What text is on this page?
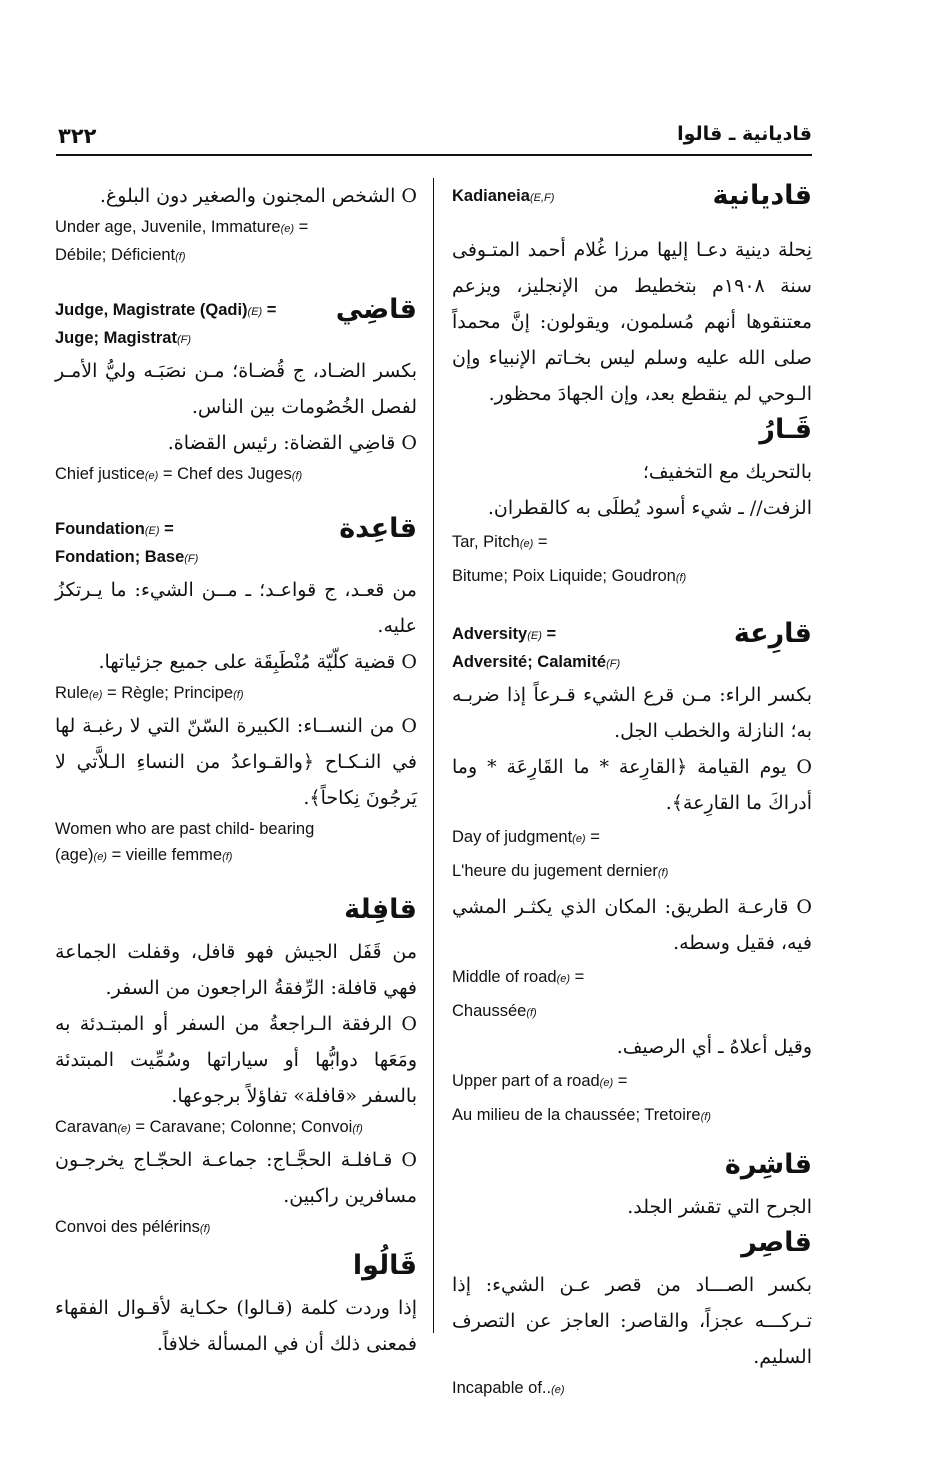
٣٢٢	قاديانية ـ قالوا
قاديانية
Kadianeia(E,F)
نِحلة دينية دعـا إليها مرزا غُلام أحمد المتـوفى سنة ١٩٠٨م بتخطيط من الإنجليز، ويزعم معتنقوها أنهم مُسلمون، ويقولون: إنَّ محمداً صلى الله عليه وسلم ليس بخـاتم الإنبياء وإن الـوحي لم ينقطع بعد، وإن الجهادَ محظور.
قَـارُ
بالتحريك مع التخفيف؛
الزفت// ـ شيء أسود يُطلَى به كالقطران.
Tar, Pitch(e) =
Bitume; Poix Liquide; Goudron(f)
قارِعة
Adversity(E) =
Adversité; Calamité(F)
بكسر الراء: مـن قرع الشيء قـرعاً إذا ضربـه به؛ النازلة والخطب الجل.
O يوم القيامة ﴿القارِعة * ما القَارِعَة * وما أدراكَ ما القارِعة﴾.
Day of judgment(e) =
L'heure du jugement dernier(f)
O قارعـة الطريق: المكان الذي يكثـر المشي فيه، فقيل وسطه.
Middle of road(e) =
Chaussée(f)
وقيل أعلاهُ ـ أي الرصيف.
Upper part of a road(e) =
Au milieu de la chaussée; Tretoire(f)
قاشِرة
الجرح التي تقشر الجلد.
قاصِر
بكسر الصـــاد من قصر عـن الشيء: إذا تـركـــه عجزاً، والقاصر: العاجز عن التصرف السليم.
Incapable of..(e)
O الشخص المجنون والصغير دون البلوغ.
Under age, Juvenile, Immature(e) =
Débile; Déficient(f)
قاضِي
Judge, Magistrate (Qadi)(E) =
Juge; Magistrat(F)
بكسر الضـاد، ج قُضـاة؛ مـن نصَبَـه وليُّ الأمـر لفصل الخُصُومات بين الناس.
O قاضِي القضاة: رئيس القضاة.
Chief justice(e) = Chef des Juges(f)
قاعِدة
Foundation(E) =
Fondation; Base(F)
من قعـد، ج قواعـد؛ ـ مــن الشيء: ما يـرتكزُ عليه.
O قضية كلّيّة مُنْطَبِقَة على جميع جزئياتها.
Rule(e) = Règle; Principe(f)
O من النســاء: الكبيرة السّنّ التي لا رغبـة لها في النـكـاح ﴿والقـواعدُ من النساءِ الـلاَّتي لا يَرجُونَ نِكاحاً﴾.
Women who are past child- bearing
(age)(e) = vieille femme(f)
قافِلة
من قَفَل الجيش فهو قافل، وقفلت الجماعة فهي قافلة: الرِّفقةُ الراجعون من السفر.
O الرفقة الـراجعةُ من السفر أو المبتـدئة به ومَعَها دوابُّها أو سياراتها وسُمِّيت المبتدئة بالسفر «قافلة» تفاؤلاً برجوعها.
Caravan(e) = Caravane; Colonne; Convoi(f)
O قـافلـة الحجَّـاج: جماعـة الحجّـاج يخرجـون مسافرين راكبين.
Convoi des pélérins(f)
قَالُوا
إذا وردت كلمة (قـالوا) حكـاية لأقـوال الفقهاء فمعنى ذلك أن في المسألة خلافاً.
